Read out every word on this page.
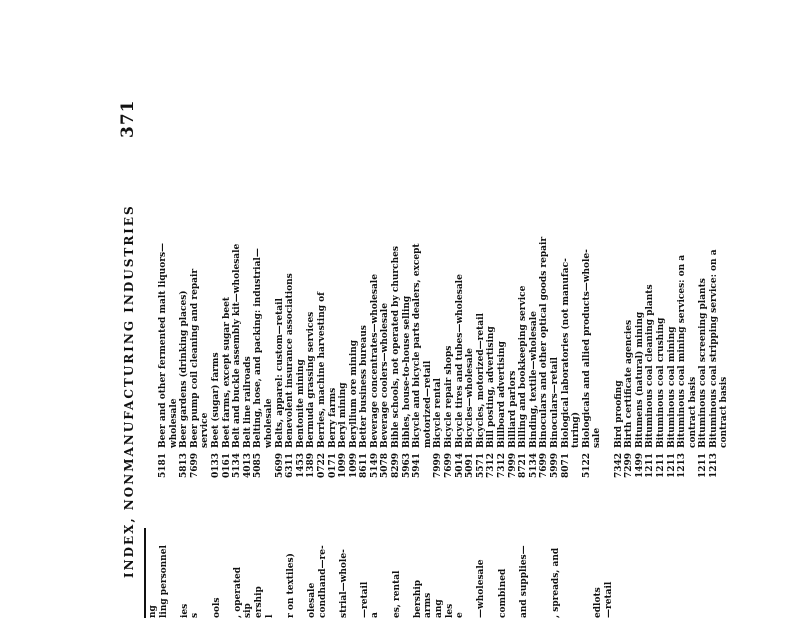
INDEX, NONMANUFACTURING INDUSTRIES
371
ng ling personnel ies s ools , operated sip ership l r on textiles) olesale condhand—re- strial—whole- —retail a es, rental bership arms ang les e —wholesale combined and supplies— , spreads, and	edlots —retail
5181 5813 7699 0133 0161 5134 4013 5085 5699 6311 1453 1389 0722 0171 1099 1099 8611 5149 5078 8299 5963 5941 7999 7699 5014 5091 5571 7312 7312 7999 8721 5134 7699 5999 8071 5122 7342 7299 1499 1211 1211 1211 1213 1211 1213
Beer and other fermented malt liquors— wholesale Beer gardens (drinking places) Beer pump coil cleaning and repair service Beet (sugar) farms Beet farms, except sugar beet Belt and buckle assembly kit—wholesale Belt line railroads Belting, hose, and packing: industrial— wholesale Belts, apparel: custom—retail Benevolent insurance associations Bentonite mining Bermuda grassing services Berries, machine harvesting of Berry farms Beryl mining Beryllium ore mining Better business bureaus Beverage concentrates—wholesale Beverage coolers—wholesale Bible schools, not operated by churches Bibles, house-to-house selling Bicycle and bicycle parts dealers, except motorized—retail Bicycle rental Bicycle repair shops Bicycle tires and tubes—wholesale Bicycles—wholesale Bicycles, motorized—retail Bill posting, advertising Billboard advertising Billiard parlors Billing and bookkeeping service Binding, textile—wholesale Binoculars and other optical goods repair Binoculars—retail Biological laboratories (not manufac- turing) Biologicals and allied products—whole- sale Bird proofing Birth certificate agencies Bitumens (natural) mining Bituminous coal cleaning plants Bituminous coal crushing Bituminous coal mining Bituminous coal mining services: on a contract basis Bituminous coal screening plants Bituminous coal stripping service: on a contract basis
